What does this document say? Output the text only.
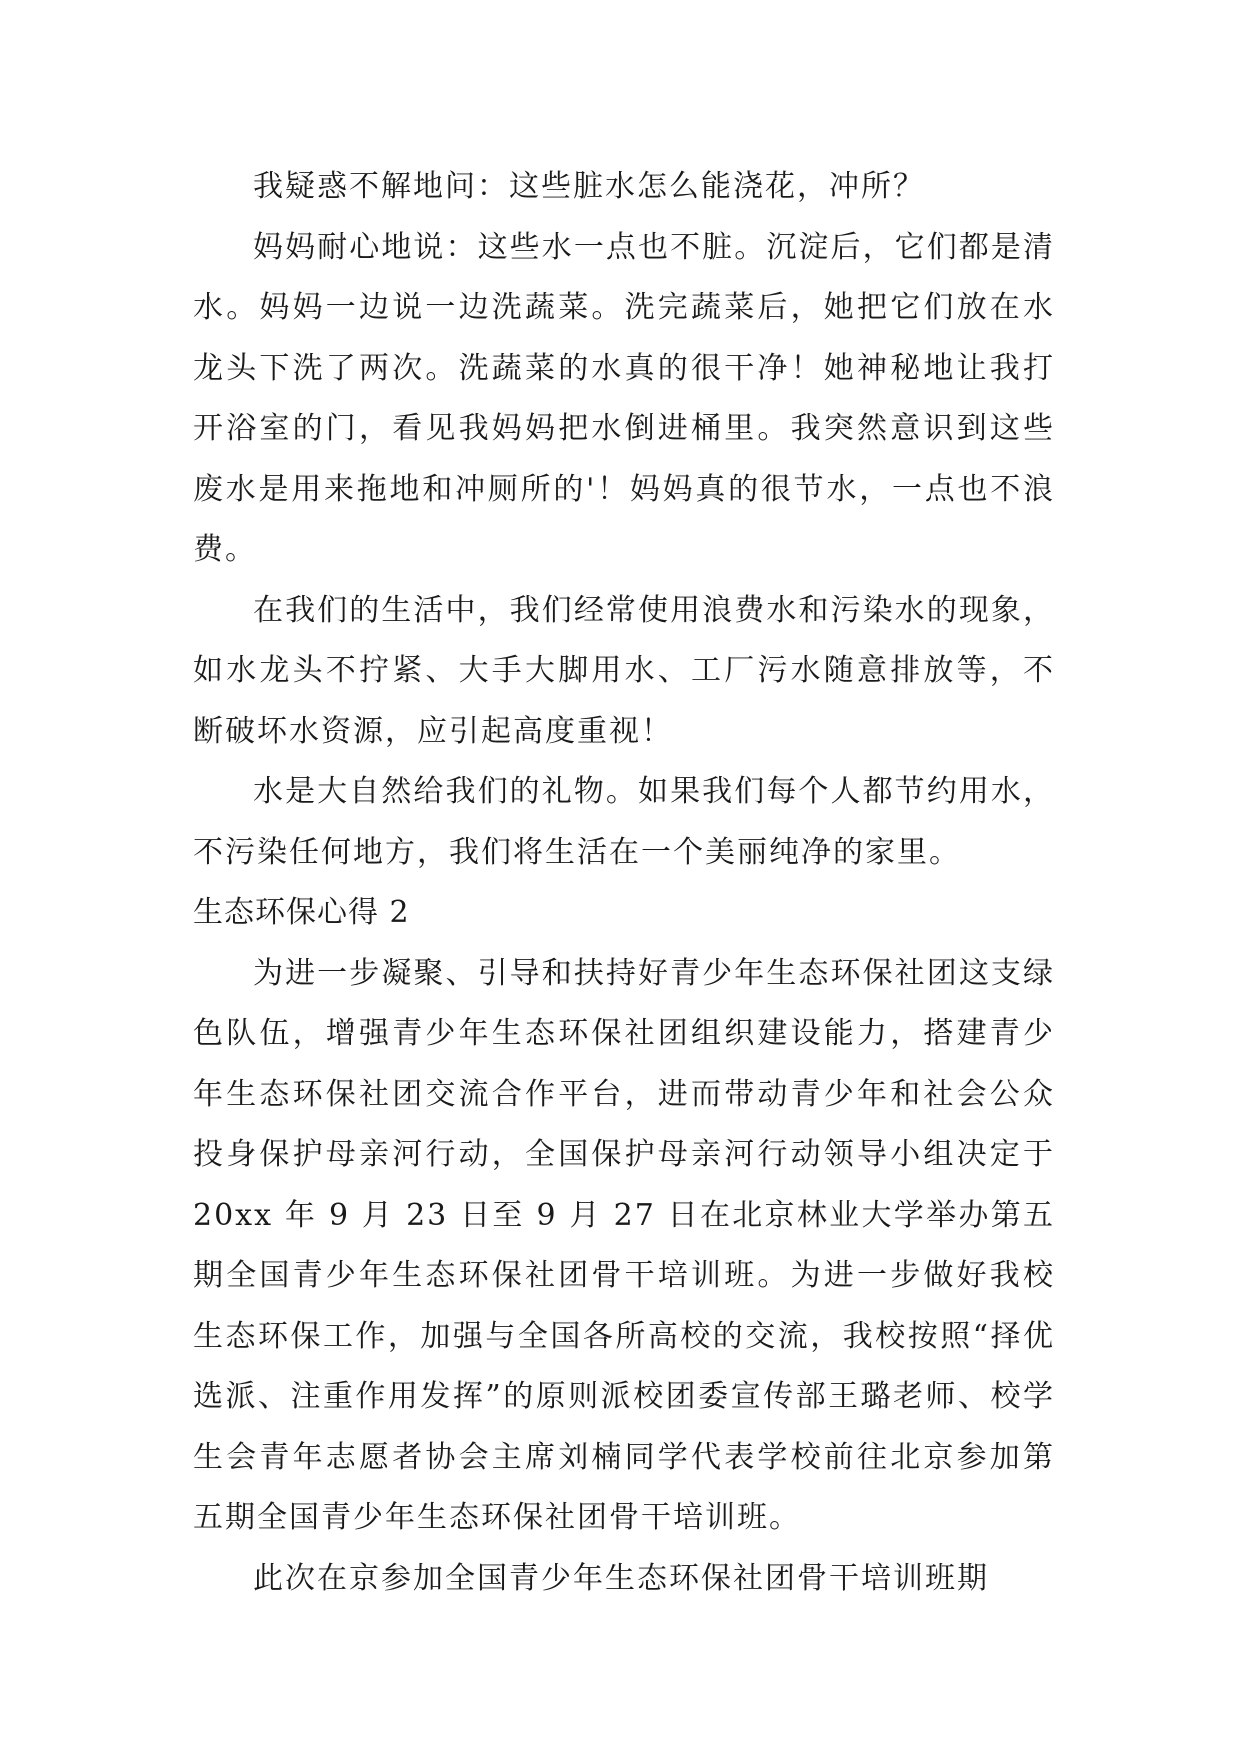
我疑惑不解地问：这些脏水怎么能浇花，冲所？

妈妈耐心地说：这些水一点也不脏。沉淀后，它们都是清水。妈妈一边说一边洗蔬菜。洗完蔬菜后，她把它们放在水龙头下洗了两次。洗蔬菜的水真的很干净！她神秘地让我打开浴室的门，看见我妈妈把水倒进桶里。我突然意识到这些废水是用来拖地和冲厕所的'！妈妈真的很节水，一点也不浪费。

在我们的生活中，我们经常使用浪费水和污染水的现象，如水龙头不拧紧、大手大脚用水、工厂污水随意排放等，不断破坏水资源，应引起高度重视！

水是大自然给我们的礼物。如果我们每个人都节约用水，不污染任何地方，我们将生活在一个美丽纯净的家里。

生态环保心得 2

为进一步凝聚、引导和扶持好青少年生态环保社团这支绿色队伍，增强青少年生态环保社团组织建设能力，搭建青少年生态环保社团交流合作平台，进而带动青少年和社会公众投身保护母亲河行动，全国保护母亲河行动领导小组决定于 20xx 年 9 月 23 日至 9 月 27 日在北京林业大学举办第五期全国青少年生态环保社团骨干培训班。为进一步做好我校生态环保工作，加强与全国各所高校的交流，我校按照“择优选派、注重作用发挥”的原则派校团委宣传部王璐老师、校学生会青年志愿者协会主席刘楠同学代表学校前往北京参加第五期全国青少年生态环保社团骨干培训班。

此次在京参加全国青少年生态环保社团骨干培训班期
